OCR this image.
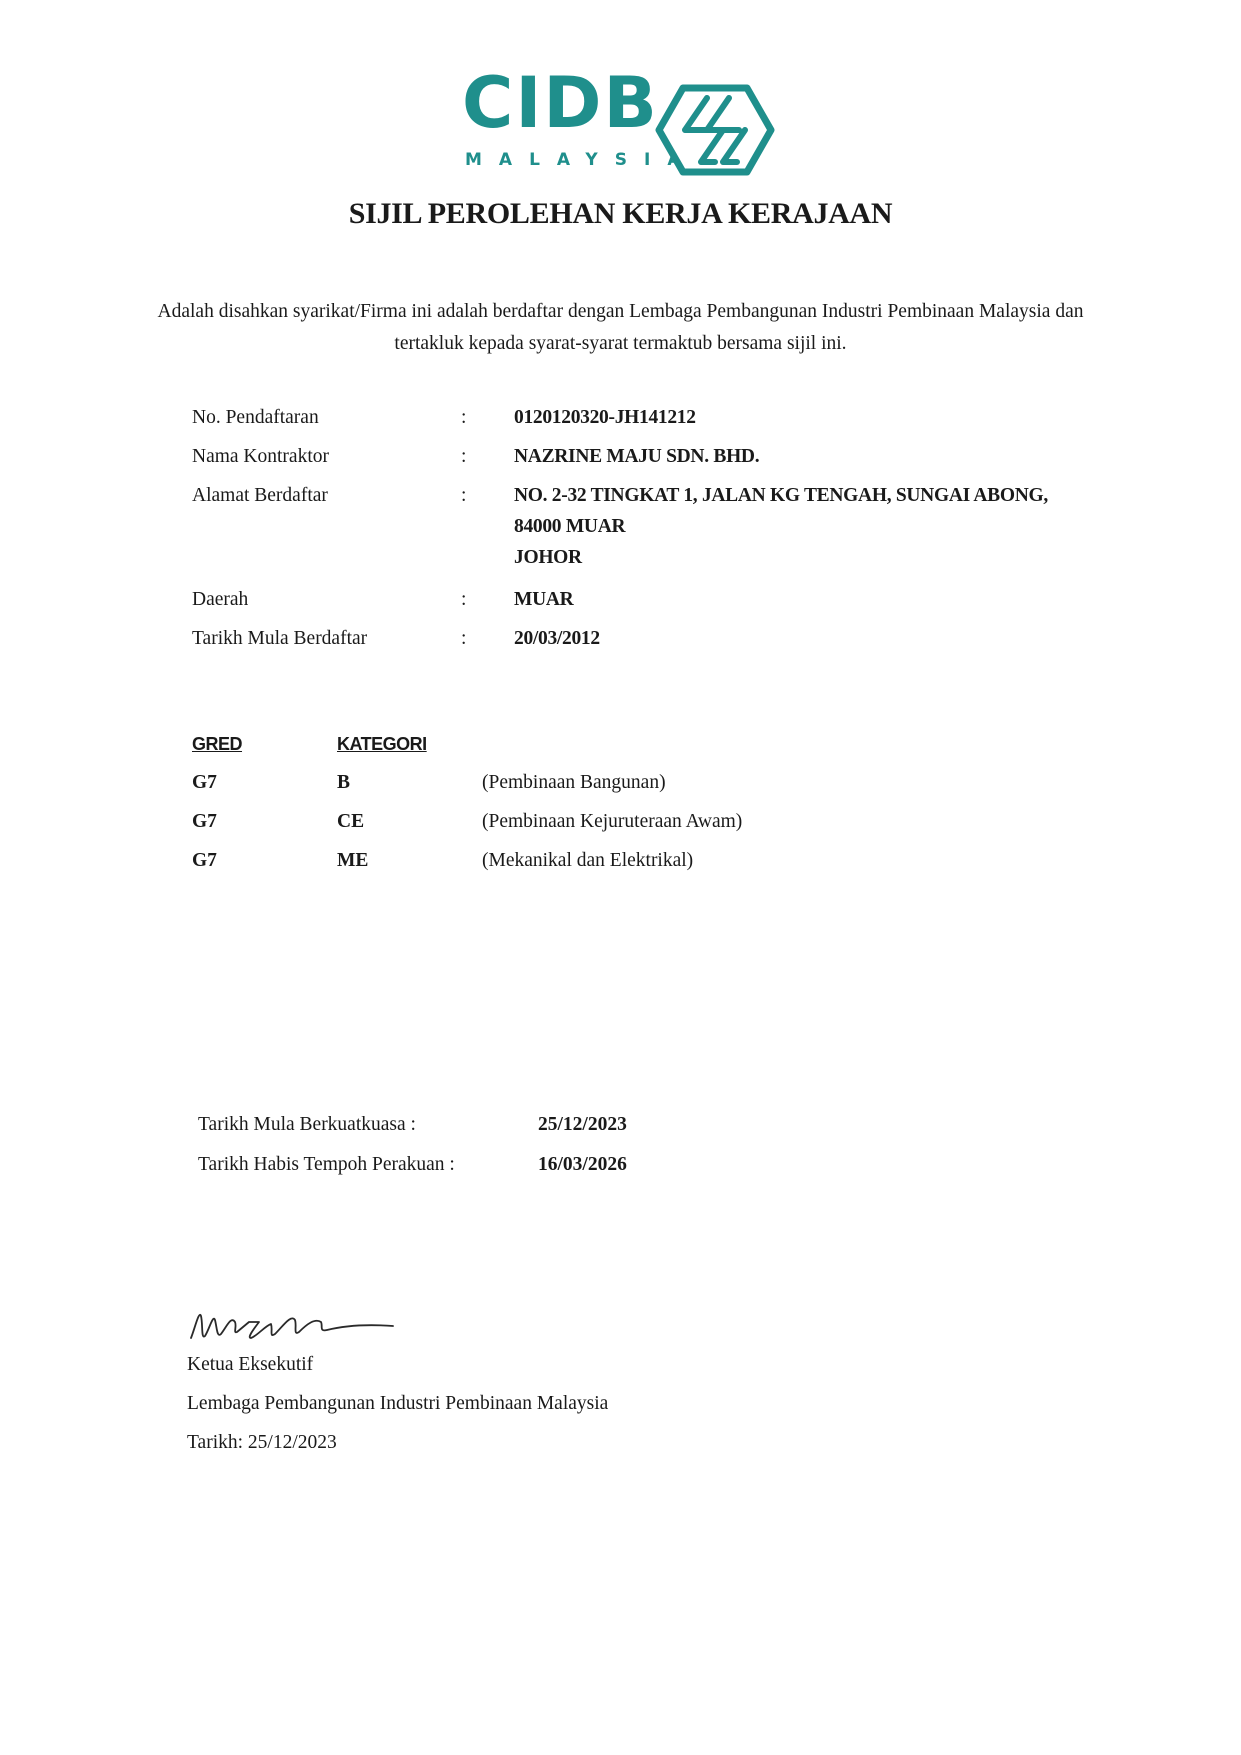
CIDB
MALAYSIA
SIJIL PEROLEHAN KERJA KERAJAAN
Adalah disahkan syarikat/Firma ini adalah berdaftar dengan Lembaga Pembangunan Industri Pembinaan Malaysia dan tertakluk kepada syarat-syarat termaktub bersama sijil ini.
No. Pendaftaran	: 0120120320-JH141212
Nama Kontraktor	: NAZRINE MAJU SDN. BHD.
Alamat Berdaftar	: NO. 2-32 TINGKAT 1, JALAN KG TENGAH, SUNGAI ABONG,
84000 MUAR
JOHOR
Daerah	: MUAR
Tarikh Mula Berdaftar	: 20/03/2012
GRED	KATEGORI
G7	B	(Pembinaan Bangunan)
G7	CE	(Pembinaan Kejuruteraan Awam)
G7	ME	(Mekanikal dan Elektrikal)
Tarikh Mula Berkuatkuasa :	25/12/2023
Tarikh Habis Tempoh Perakuan :	16/03/2026
Ketua Eksekutif
Lembaga Pembangunan Industri Pembinaan Malaysia
Tarikh: 25/12/2023
